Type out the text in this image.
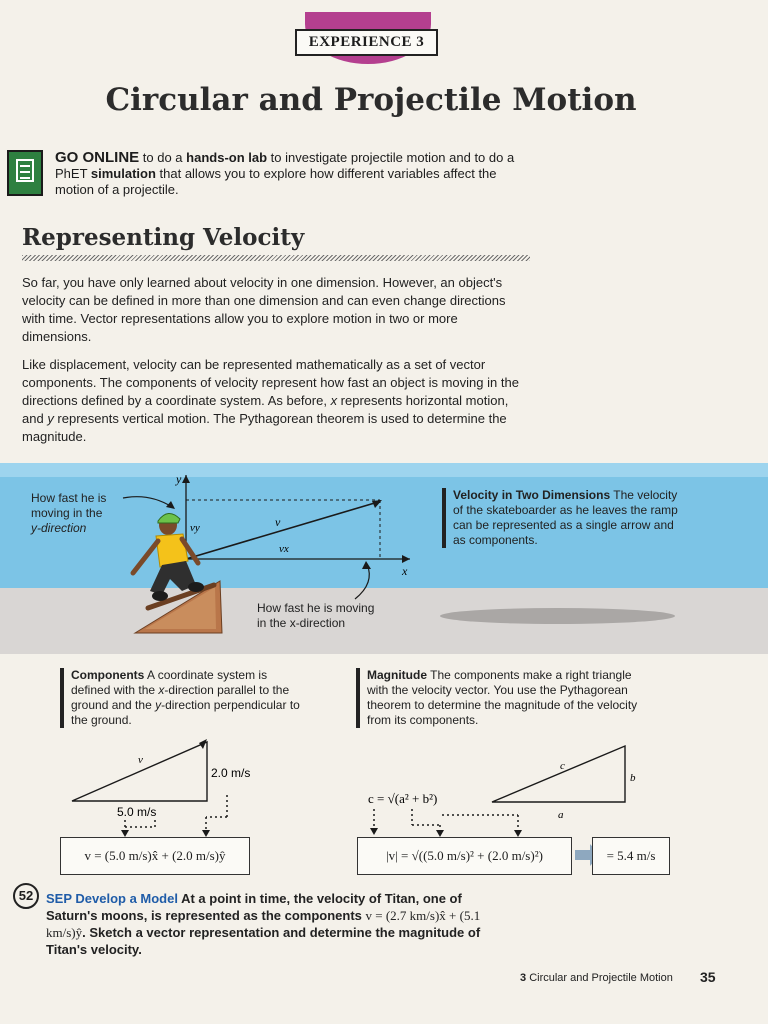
EXPERIENCE 3
Circular and Projectile Motion
GO ONLINE to do a hands-on lab to investigate projectile motion and to do a PhET simulation that allows you to explore how different variables affect the motion of a projectile.
Representing Velocity
So far, you have only learned about velocity in one dimension. However, an object's velocity can be defined in more than one dimension and can even change directions with time. Vector representations allow you to explore motion in two or more dimensions.
Like displacement, velocity can be represented mathematically as a set of vector components. The components of velocity represent how fast an object is moving in the directions defined by a coordinate system. As before, x represents horizontal motion, and y represents vertical motion. The Pythagorean theorem is used to determine the magnitude.
How fast he is
moving in the
y-direction
How fast he is moving
in the x-direction
y
x
v
vx
vy
Velocity in Two Dimensions The velocity of the skateboarder as he leaves the ramp can be represented as a single arrow and as components.
Components A coordinate system is defined with the x-direction parallel to the ground and the y-direction perpendicular to the ground.
v
2.0 m/s
5.0 m/s
v = (5.0 m/s)x̂ + (2.0 m/s)ŷ
Magnitude The components make a right triangle with the velocity vector. You use the Pythagorean theorem to determine the magnitude of the velocity from its components.
c
b
a
c = √(a² + b²)
|v| = √((5.0 m/s)² + (2.0 m/s)²)	= 5.4 m/s
52 SEP Develop a Model At a point in time, the velocity of Titan, one of Saturn's moons, is represented as the components v = (2.7 km/s)x̂ + (5.1 km/s)ŷ. Sketch a vector representation and determine the magnitude of Titan's velocity.
3 Circular and Projectile Motion 35
